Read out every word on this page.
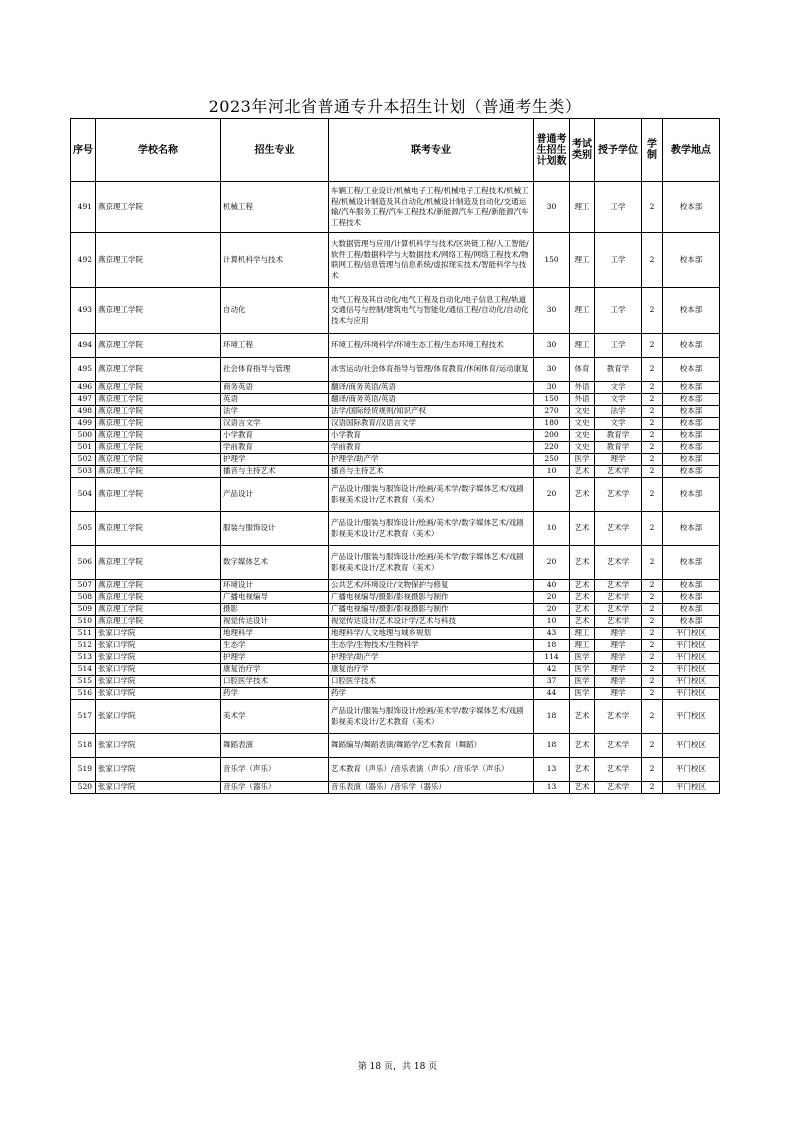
2023年河北省普通专升本招生计划（普通考生类）
序号	学校名称	招生专业	联考专业	普通考生招生计划数	考试类别	授予学位	学制	教学地点
491	燕京理工学院	机械工程	车辆工程/工业设计/机械电子工程/机械电子工程技术/机械工程/机械设计制造及其自动化/机械设计制造及自动化/交通运输/汽车服务工程/汽车工程技术/新能源汽车工程/新能源汽车工程技术	30	理工	工学	2	校本部
492	燕京理工学院	计算机科学与技术	大数据管理与应用/计算机科学与技术/区块链工程/人工智能/软件工程/数据科学与大数据技术/网络工程/网络工程技术/物联网工程/信息管理与信息系统/虚拟现实技术/智能科学与技术	150	理工	工学	2	校本部
493	燕京理工学院	自动化	电气工程及其自动化/电气工程及自动化/电子信息工程/轨道交通信号与控制/建筑电气与智能化/通信工程/自动化/自动化技术与应用	30	理工	工学	2	校本部
494	燕京理工学院	环境工程	环境工程/环境科学/环境生态工程/生态环境工程技术	30	理工	工学	2	校本部
495	燕京理工学院	社会体育指导与管理	冰雪运动/社会体育指导与管理/体育教育/休闲体育/运动康复	30	体育	教育学	2	校本部
496	燕京理工学院	商务英语	翻译/商务英语/英语	30	外语	文学	2	校本部
497	燕京理工学院	英语	翻译/商务英语/英语	150	外语	文学	2	校本部
498	燕京理工学院	法学	法学/国际经贸规则/知识产权	270	文史	法学	2	校本部
499	燕京理工学院	汉语言文学	汉语国际教育/汉语言文学	180	文史	文学	2	校本部
500	燕京理工学院	小学教育	小学教育	200	文史	教育学	2	校本部
501	燕京理工学院	学前教育	学前教育	220	文史	教育学	2	校本部
502	燕京理工学院	护理学	护理学/助产学	250	医学	理学	2	校本部
503	燕京理工学院	播音与主持艺术	播音与主持艺术	10	艺术	艺术学	2	校本部
504	燕京理工学院	产品设计	产品设计/服装与服饰设计/绘画/美术学/数字媒体艺术/戏剧影视美术设计/艺术教育（美术）	20	艺术	艺术学	2	校本部
505	燕京理工学院	服装与服饰设计	产品设计/服装与服饰设计/绘画/美术学/数字媒体艺术/戏剧影视美术设计/艺术教育（美术）	10	艺术	艺术学	2	校本部
506	燕京理工学院	数字媒体艺术	产品设计/服装与服饰设计/绘画/美术学/数字媒体艺术/戏剧影视美术设计/艺术教育（美术）	20	艺术	艺术学	2	校本部
507	燕京理工学院	环境设计	公共艺术/环境设计/文物保护与修复	40	艺术	艺术学	2	校本部
508	燕京理工学院	广播电视编导	广播电视编导/摄影/影视摄影与制作	20	艺术	艺术学	2	校本部
509	燕京理工学院	摄影	广播电视编导/摄影/影视摄影与制作	20	艺术	艺术学	2	校本部
510	燕京理工学院	视觉传达设计	视觉传达设计/艺术设计学/艺术与科技	10	艺术	艺术学	2	校本部
511	张家口学院	地理科学	地理科学/人文地理与城乡规划	43	理工	理学	2	平门校区
512	张家口学院	生态学	生态学/生物技术/生物科学	18	理工	理学	2	平门校区
513	张家口学院	护理学	护理学/助产学	114	医学	理学	2	平门校区
514	张家口学院	康复治疗学	康复治疗学	42	医学	理学	2	平门校区
515	张家口学院	口腔医学技术	口腔医学技术	37	医学	理学	2	平门校区
516	张家口学院	药学	药学	44	医学	理学	2	平门校区
517	张家口学院	美术学	产品设计/服装与服饰设计/绘画/美术学/数字媒体艺术/戏剧影视美术设计/艺术教育（美术）	18	艺术	艺术学	2	平门校区
518	张家口学院	舞蹈表演	舞蹈编导/舞蹈表演/舞蹈学/艺术教育（舞蹈）	18	艺术	艺术学	2	平门校区
519	张家口学院	音乐学（声乐）	艺术教育（声乐）/音乐表演（声乐）/音乐学（声乐）	13	艺术	艺术学	2	平门校区
520	张家口学院	音乐学（器乐）	音乐表演（器乐）/音乐学（器乐）	13	艺术	艺术学	2	平门校区
第 18 页，共 18 页
